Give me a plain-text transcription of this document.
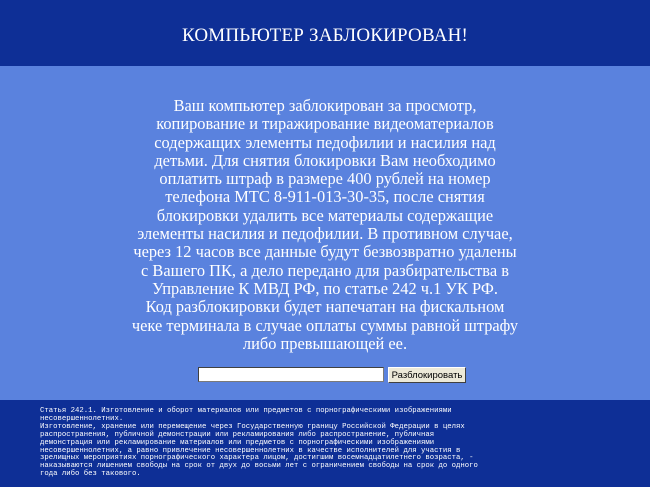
КОМПЬЮТЕР ЗАБЛОКИРОВАН!
Ваш компьютер заблокирован за просмотр,
копирование и тиражирование видеоматериалов
содержащих элементы педофилии и насилия над
детьми. Для снятия блокировки Вам необходимо
оплатить штраф в размере 400 рублей на номер
телефона МТС 8-911-013-30-35, после снятия
блокировки удалить все материалы содержащие
элементы насилия и педофилии. В противном случае,
через 12 часов все данные будут безвозвратно удалены
с Вашего ПК, а дело передано для разбирательства в
Управление К МВД РФ, по статье 242 ч.1 УК РФ.
Код разблокировки будет напечатан на фискальном
чеке терминала в случае оплаты суммы равной штрафу
либо превышающей ее.
Разблокировать
Статья 242.1. Изготовление и оборот материалов или предметов с порнографическими изображениями
несовершеннолетних.
Изготовление, хранение или перемещение через Государственную границу Российской Федерации в целях
распространения, публичной демонстрации или рекламирования либо распространение, публичная
демонстрация или рекламирование материалов или предметов с порнографическими изображениями
несовершеннолетних, а равно привлечение несовершеннолетних в качестве исполнителей для участия в
зрелищных мероприятиях порнографического характера лицом, достигшим восемнадцатилетнего возраста, -
наказываются лишением свободы на срок от двух до восьми лет с ограничением свободы на срок до одного
года либо без такового.
